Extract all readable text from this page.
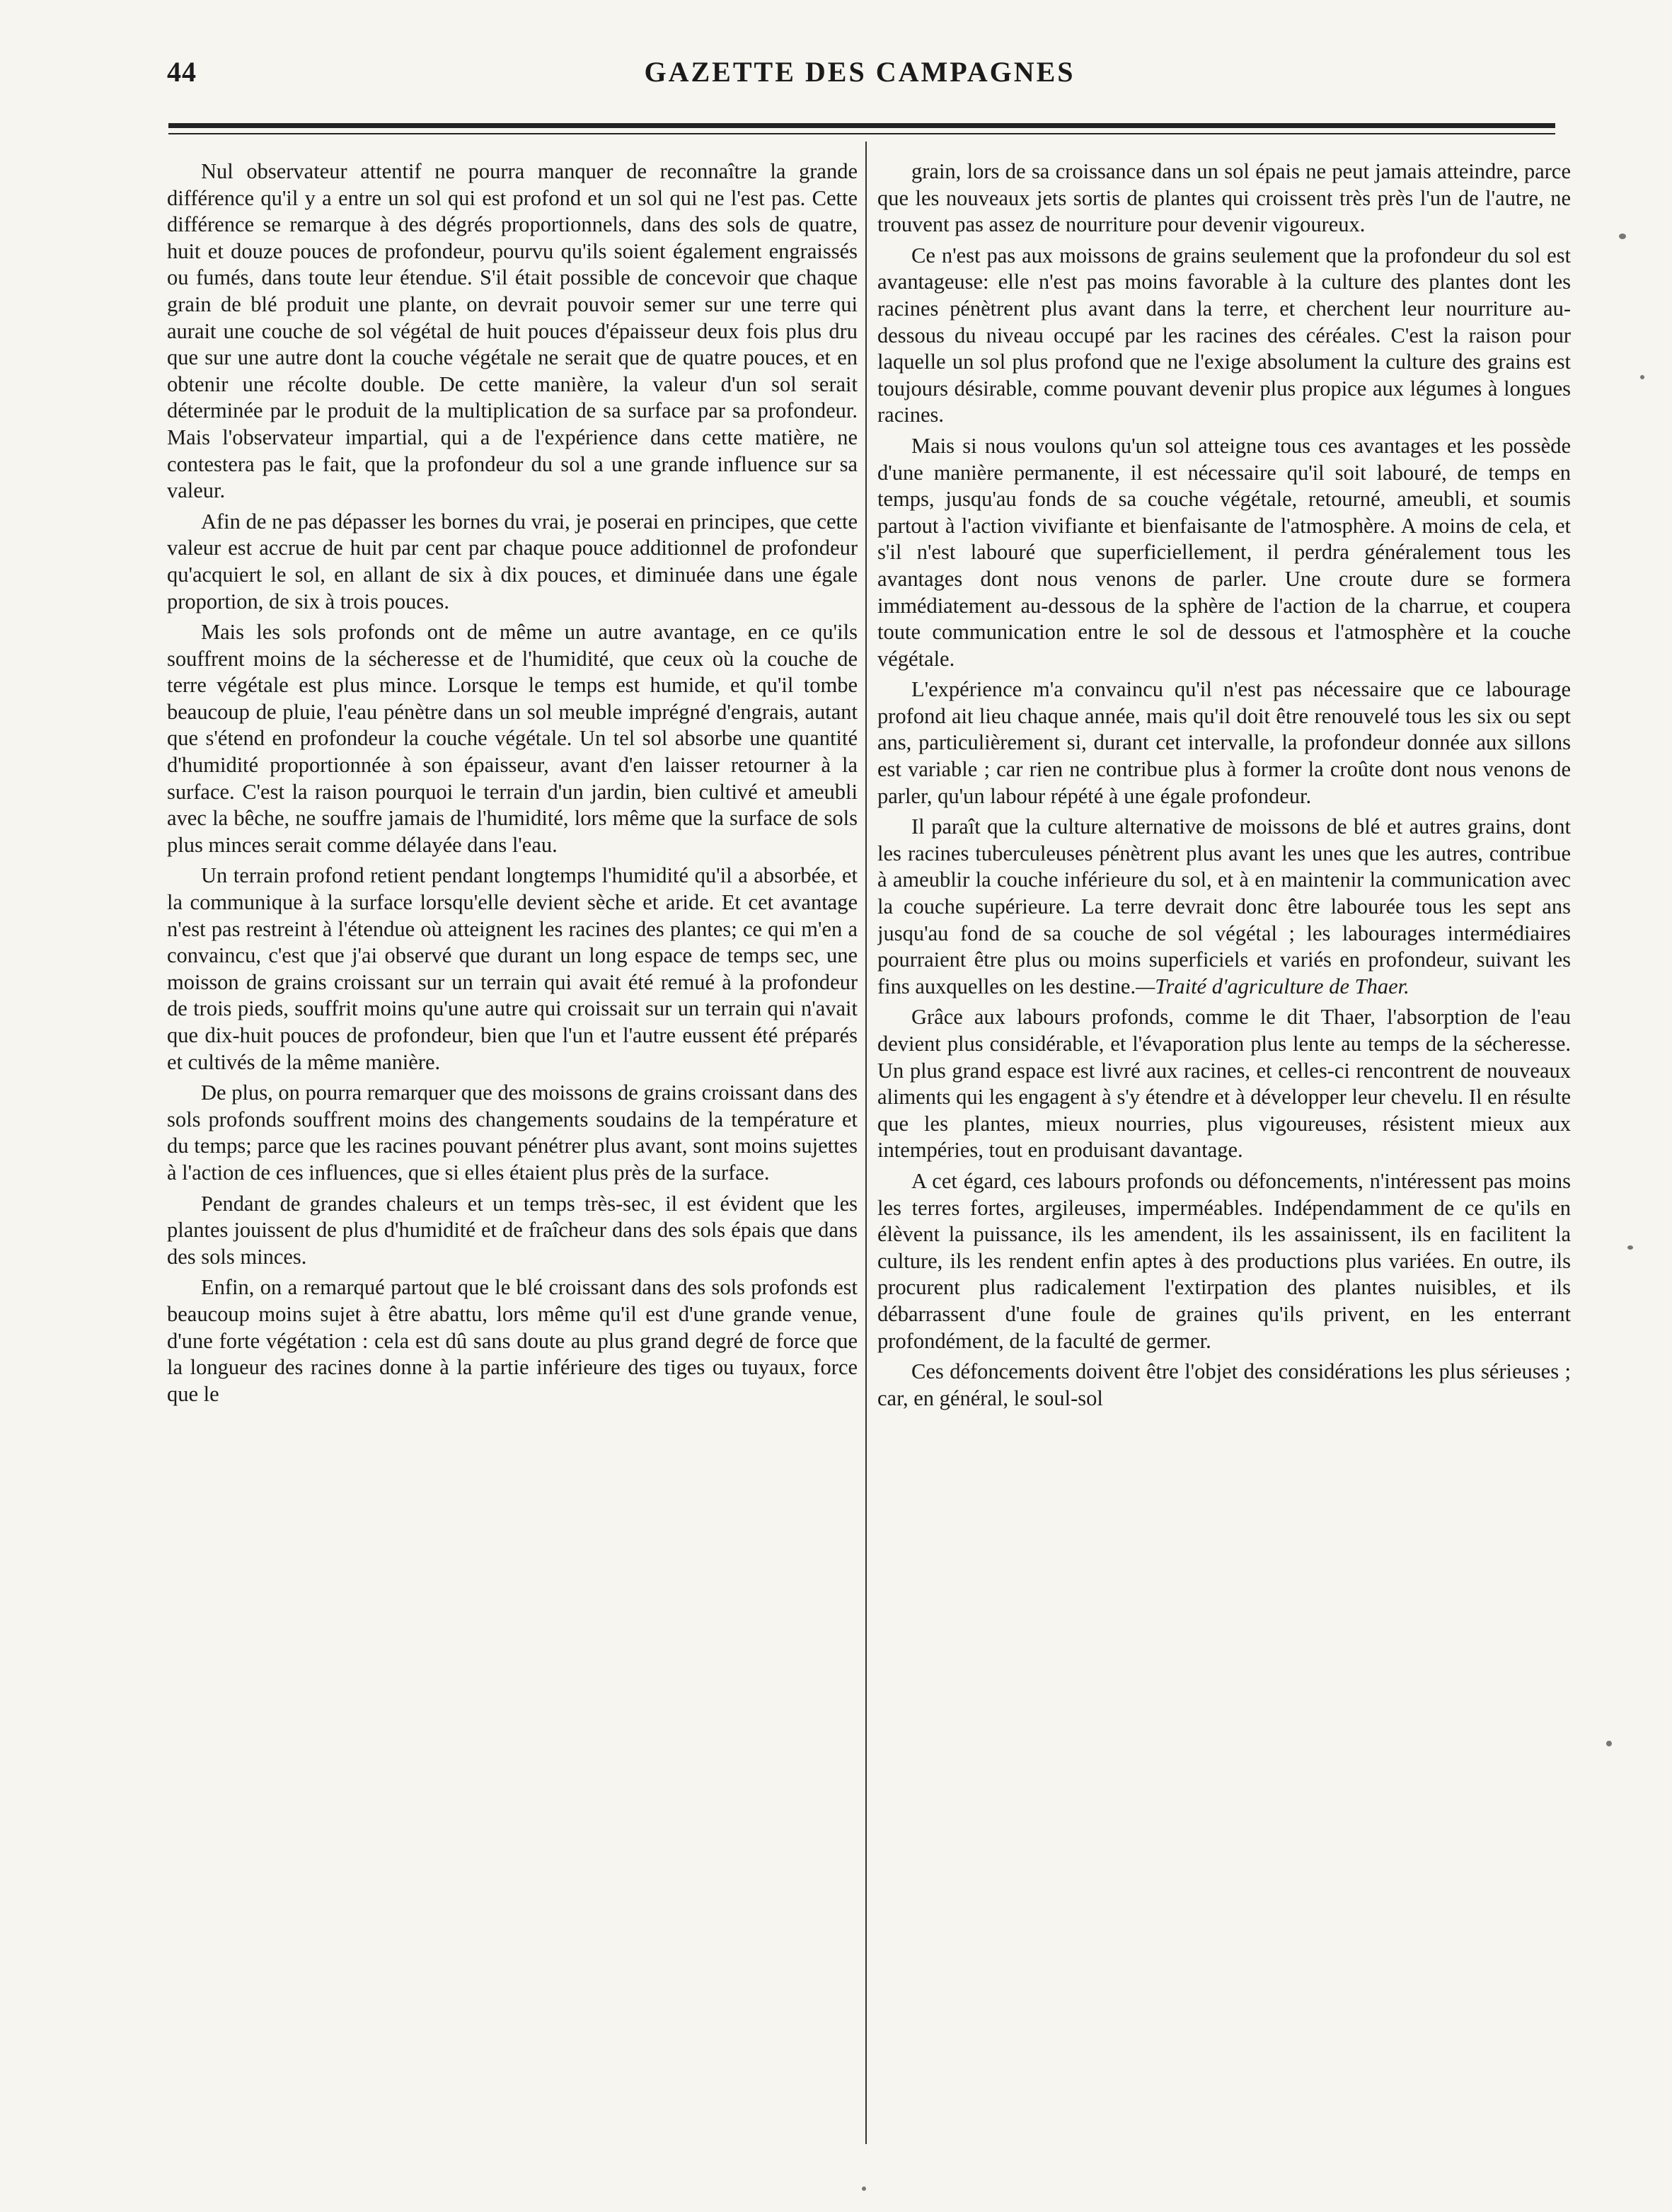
44	GAZETTE DES CAMPAGNES

Nul observateur attentif ne pourra manquer de reconnaître la grande différence qu'il y a entre un sol qui est profond et un sol qui ne l'est pas. Cette différence se remarque à des dégrés proportionnels, dans des sols de quatre, huit et douze pouces de profondeur, pourvu qu'ils soient également engraissés ou fumés, dans toute leur étendue. S'il était possible de concevoir que chaque grain de blé produit une plante, on devrait pouvoir semer sur une terre qui aurait une couche de sol végétal de huit pouces d'épaisseur deux fois plus dru que sur une autre dont la couche végétale ne serait que de quatre pouces, et en obtenir une récolte double. De cette manière, la valeur d'un sol serait déterminée par le produit de la multiplication de sa surface par sa profondeur. Mais l'observateur impartial, qui a de l'expérience dans cette matière, ne contestera pas le fait, que la profondeur du sol a une grande influence sur sa valeur.

Afin de ne pas dépasser les bornes du vrai, je poserai en principes, que cette valeur est accrue de huit par cent par chaque pouce additionnel de profondeur qu'acquiert le sol, en allant de six à dix pouces, et diminuée dans une égale proportion, de six à trois pouces.

Mais les sols profonds ont de même un autre avantage, en ce qu'ils souffrent moins de la sécheresse et de l'humidité, que ceux où la couche de terre végétale est plus mince. Lorsque le temps est humide, et qu'il tombe beaucoup de pluie, l'eau pénètre dans un sol meuble imprégné d'engrais, autant que s'étend en profondeur la couche végétale. Un tel sol absorbe une quantité d'humidité proportionnée à son épaisseur, avant d'en laisser retourner à la surface. C'est la raison pourquoi le terrain d'un jardin, bien cultivé et ameubli avec la bêche, ne souffre jamais de l'humidité, lors même que la surface de sols plus minces serait comme délayée dans l'eau.

Un terrain profond retient pendant longtemps l'humidité qu'il a absorbée, et la communique à la surface lorsqu'elle devient sèche et aride. Et cet avantage n'est pas restreint à l'étendue où atteignent les racines des plantes; ce qui m'en a convaincu, c'est que j'ai observé que durant un long espace de temps sec, une moisson de grains croissant sur un terrain qui avait été remué à la profondeur de trois pieds, souffrit moins qu'une autre qui croissait sur un terrain qui n'avait que dix-huit pouces de profondeur, bien que l'un et l'autre eussent été préparés et cultivés de la même manière.

De plus, on pourra remarquer que des moissons de grains croissant dans des sols profonds souffrent moins des changements soudains de la température et du temps; parce que les racines pouvant pénétrer plus avant, sont moins sujettes à l'action de ces influences, que si elles étaient plus près de la surface.

Pendant de grandes chaleurs et un temps très-sec, il est évident que les plantes jouissent de plus d'humidité et de fraîcheur dans des sols épais que dans des sols minces.

Enfin, on a remarqué partout que le blé croissant dans des sols profonds est beaucoup moins sujet à être abattu, lors même qu'il est d'une grande venue, d'une forte végétation : cela est dû sans doute au plus grand degré de force que la longueur des racines donne à la partie inférieure des tiges ou tuyaux, force que le

grain, lors de sa croissance dans un sol épais ne peut jamais atteindre, parce que les nouveaux jets sortis de plantes qui croissent très près l'un de l'autre, ne trouvent pas assez de nourriture pour devenir vigoureux.

Ce n'est pas aux moissons de grains seulement que la profondeur du sol est avantageuse: elle n'est pas moins favorable à la culture des plantes dont les racines pénètrent plus avant dans la terre, et cherchent leur nourriture au-dessous du niveau occupé par les racines des céréales. C'est la raison pour laquelle un sol plus profond que ne l'exige absolument la culture des grains est toujours désirable, comme pouvant devenir plus propice aux légumes à longues racines.

Mais si nous voulons qu'un sol atteigne tous ces avantages et les possède d'une manière permanente, il est nécessaire qu'il soit labouré, de temps en temps, jusqu'au fonds de sa couche végétale, retourné, ameubli, et soumis partout à l'action vivifiante et bienfaisante de l'atmosphère. A moins de cela, et s'il n'est labouré que superficiellement, il perdra généralement tous les avantages dont nous venons de parler. Une croute dure se formera immédiatement au-dessous de la sphère de l'action de la charrue, et coupera toute communication entre le sol de dessous et l'atmosphère et la couche végétale.

L'expérience m'a convaincu qu'il n'est pas nécessaire que ce labourage profond ait lieu chaque année, mais qu'il doit être renouvelé tous les six ou sept ans, particulièrement si, durant cet intervalle, la profondeur donnée aux sillons est variable ; car rien ne contribue plus à former la croûte dont nous venons de parler, qu'un labour répété à une égale profondeur.

Il paraît que la culture alternative de moissons de blé et autres grains, dont les racines tuberculeuses pénètrent plus avant les unes que les autres, contribue à ameublir la couche inférieure du sol, et à en maintenir la communication avec la couche supérieure. La terre devrait donc être labourée tous les sept ans jusqu'au fond de sa couche de sol végétal ; les labourages intermédiaires pourraient être plus ou moins superficiels et variés en profondeur, suivant les fins auxquelles on les destine.—Traité d'agriculture de Thaer.

Grâce aux labours profonds, comme le dit Thaer, l'absorption de l'eau devient plus considérable, et l'évaporation plus lente au temps de la sécheresse. Un plus grand espace est livré aux racines, et celles-ci rencontrent de nouveaux aliments qui les engagent à s'y étendre et à développer leur chevelu. Il en résulte que les plantes, mieux nourries, plus vigoureuses, résistent mieux aux intempéries, tout en produisant davantage.

A cet égard, ces labours profonds ou défoncements, n'intéressent pas moins les terres fortes, argileuses, imperméables. Indépendamment de ce qu'ils en élèvent la puissance, ils les amendent, ils les assainissent, ils en facilitent la culture, ils les rendent enfin aptes à des productions plus variées. En outre, ils procurent plus radicalement l'extirpation des plantes nuisibles, et ils débarrassent d'une foule de graines qu'ils privent, en les enterrant profondément, de la faculté de germer.

Ces défoncements doivent être l'objet des considérations les plus sérieuses ; car, en général, le soul-sol
